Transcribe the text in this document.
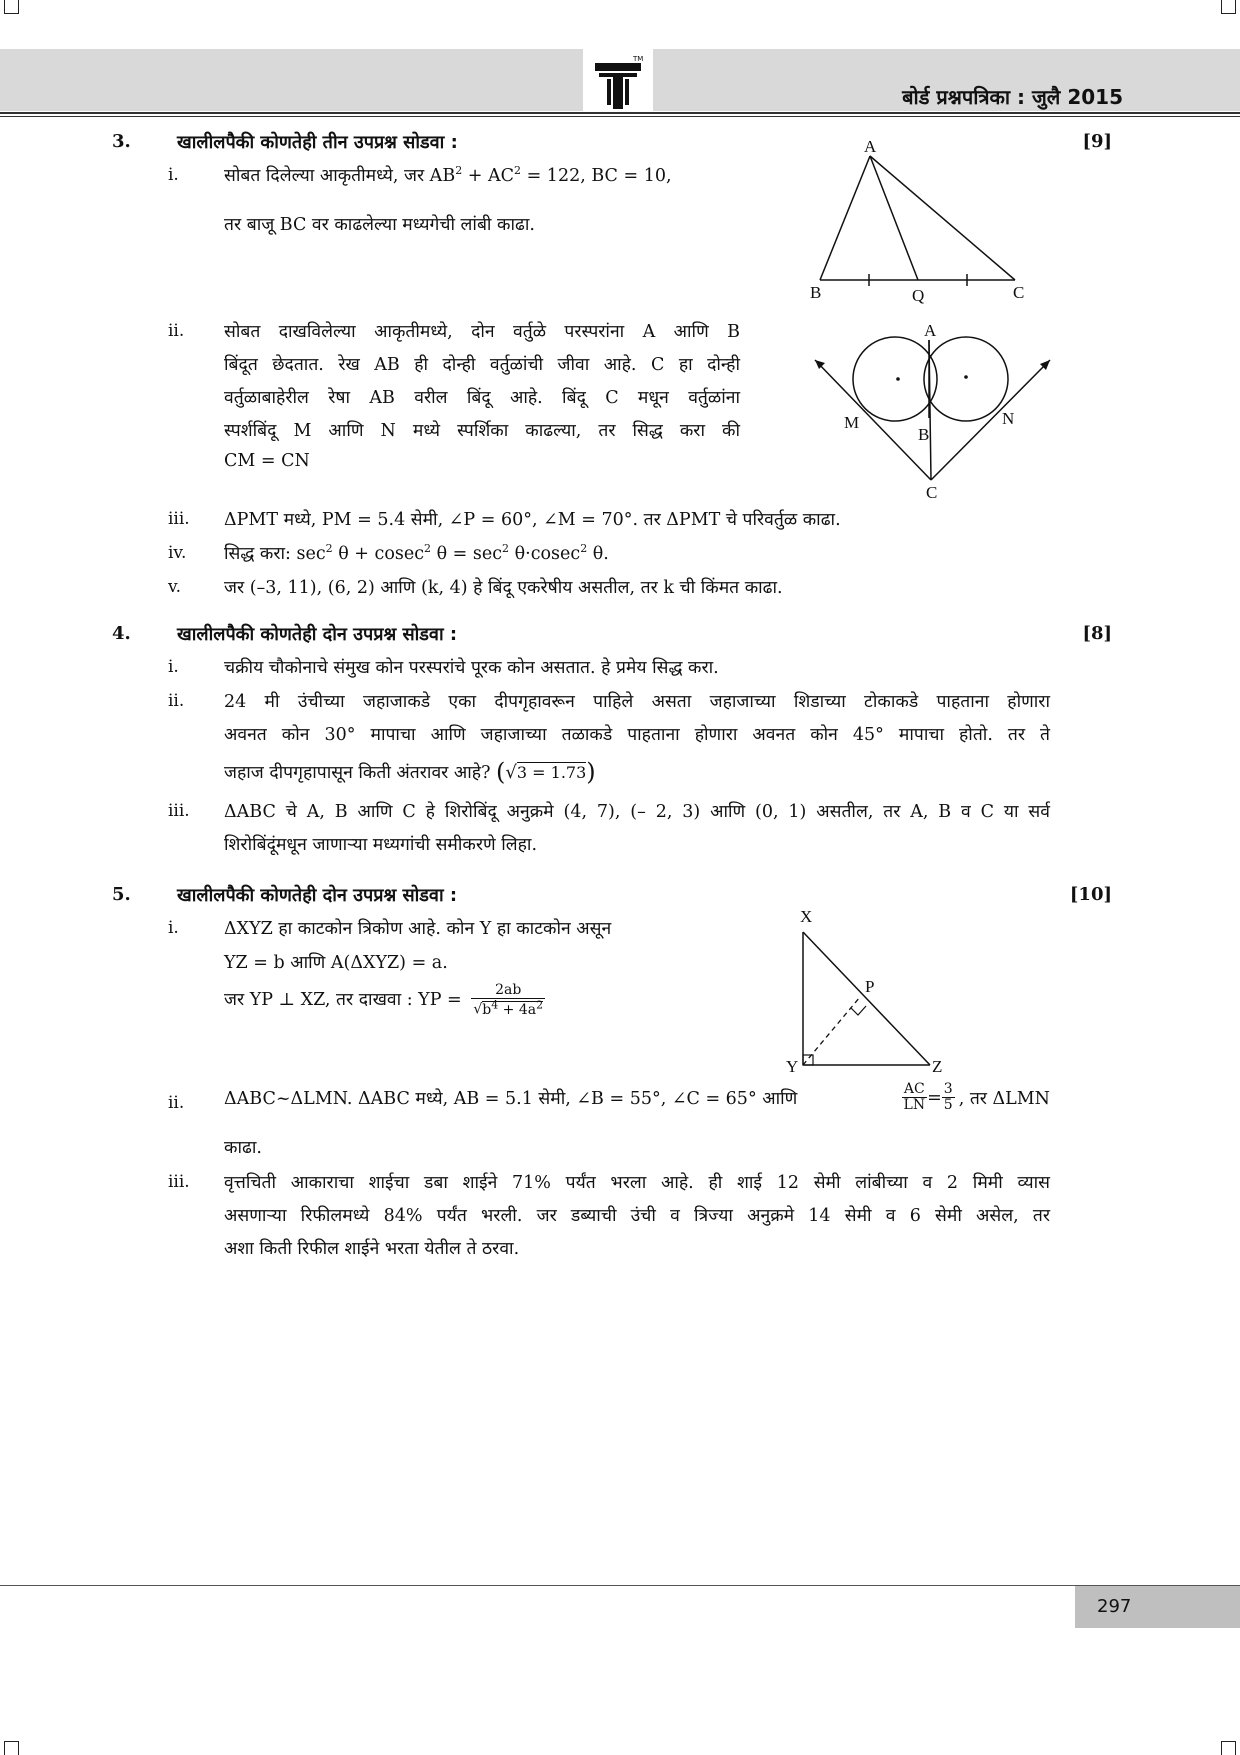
TM
बोर्ड प्रश्नपत्रिका : जुलै 2015
3.	खालीलपैकी कोणतेही तीन उपप्रश्न सोडवा :	[9]
i.	सोबत दिलेल्या आकृतीमध्ये, जर $AB^2 + AC^2 = 122$, BC = 10,
तर बाजू BC वर काढलेल्या मध्यगेची लांबी काढा.
A
B	Q	C
ii. सोबत दाखविलेल्या आकृतीमध्ये, दोन वर्तुळे परस्परांना A आणि B
बिंदूत छेदतात. रेख AB ही दोन्ही वर्तुळांची जीवा आहे. C हा दोन्ही
वर्तुळाबाहेरील रेषा AB वरील बिंदू आहे. बिंदू C मधून वर्तुळांना
स्पर्शबिंदू M आणि N मध्ये स्पर्शिका काढल्या, तर सिद्ध करा की
CM = CN
A
B
M	N
C
iii. ΔPMT मध्ये, PM = 5.4 सेमी, ∠P = 60°, ∠M = 70°. तर ΔPMT चे परिवर्तुळ काढा.
iv. सिद्ध करा: $\sec^2 \theta + cosec^2$ $\theta = \sec^2 \theta\cdot cosec^2$ θ.
v. जर (–3, 11), (6, 2) आणि (k, 4) हे बिंदू एकरेषीय असतील, तर k ची किंमत काढा.
4.	खालीलपैकी कोणतेही दोन उपप्रश्न सोडवा :	[8]
i.	चक्रीय चौकोनाचे संमुख कोन परस्परांचे पूरक कोन असतात. हे प्रमेय सिद्ध करा.
ii. 24 मी उंचीच्या जहाजाकडे एका दीपगृहावरून पाहिले असता जहाजाच्या शिडाच्या टोकाकडे पाहताना होणारा
अवनत कोन 30° मापाचा आणि जहाजाच्या तळाकडे पाहताना होणारा अवनत कोन 45° मापाचा होतो. तर ते
जहाज दीपगृहापासून किती अंतरावर आहे? (√3 = 1.73)
iii. ΔABC चे A, B आणि C हे शिरोबिंदू अनुक्रमे (4, 7), (– 2, 3) आणि (0, 1) असतील, तर A, B व C या सर्व
शिरोबिंदूंमधून जाणाऱ्या मध्यगांची समीकरणे लिहा.
5.	खालीलपैकी कोणतेही दोन उपप्रश्न सोडवा :	[10]
i.	ΔXYZ हा काटकोन त्रिकोण आहे. कोन Y हा काटकोन असून
YZ = b आणि A(ΔXYZ) = a.
जर YP ⊥ XZ, तर दाखवा : YP = $\frac{2ab}{√b^4 + 4a^2}$
X
P
Y	Z
ii. ΔABC~ΔLMN. ΔABC मध्ये, AB = 5.1 सेमी, ∠B = 55°, ∠C = 65° आणि	$\frac{AC}{LN} = \frac{3}{5}$ , तर ΔLMN
काढा.
iii. वृत्तचिती आकाराचा शाईचा डबा शाईने 71% पर्यंत भरला आहे. ही शाई 12 सेमी लांबीच्या व 2 मिमी व्यास
असणाऱ्या रिफीलमध्ये 84% पर्यंत भरली. जर डब्याची उंची व त्रिज्या अनुक्रमे 14 सेमी व 6 सेमी असेल, तर
अशा किती रिफील शाईने भरता येतील ते ठरवा.
297
